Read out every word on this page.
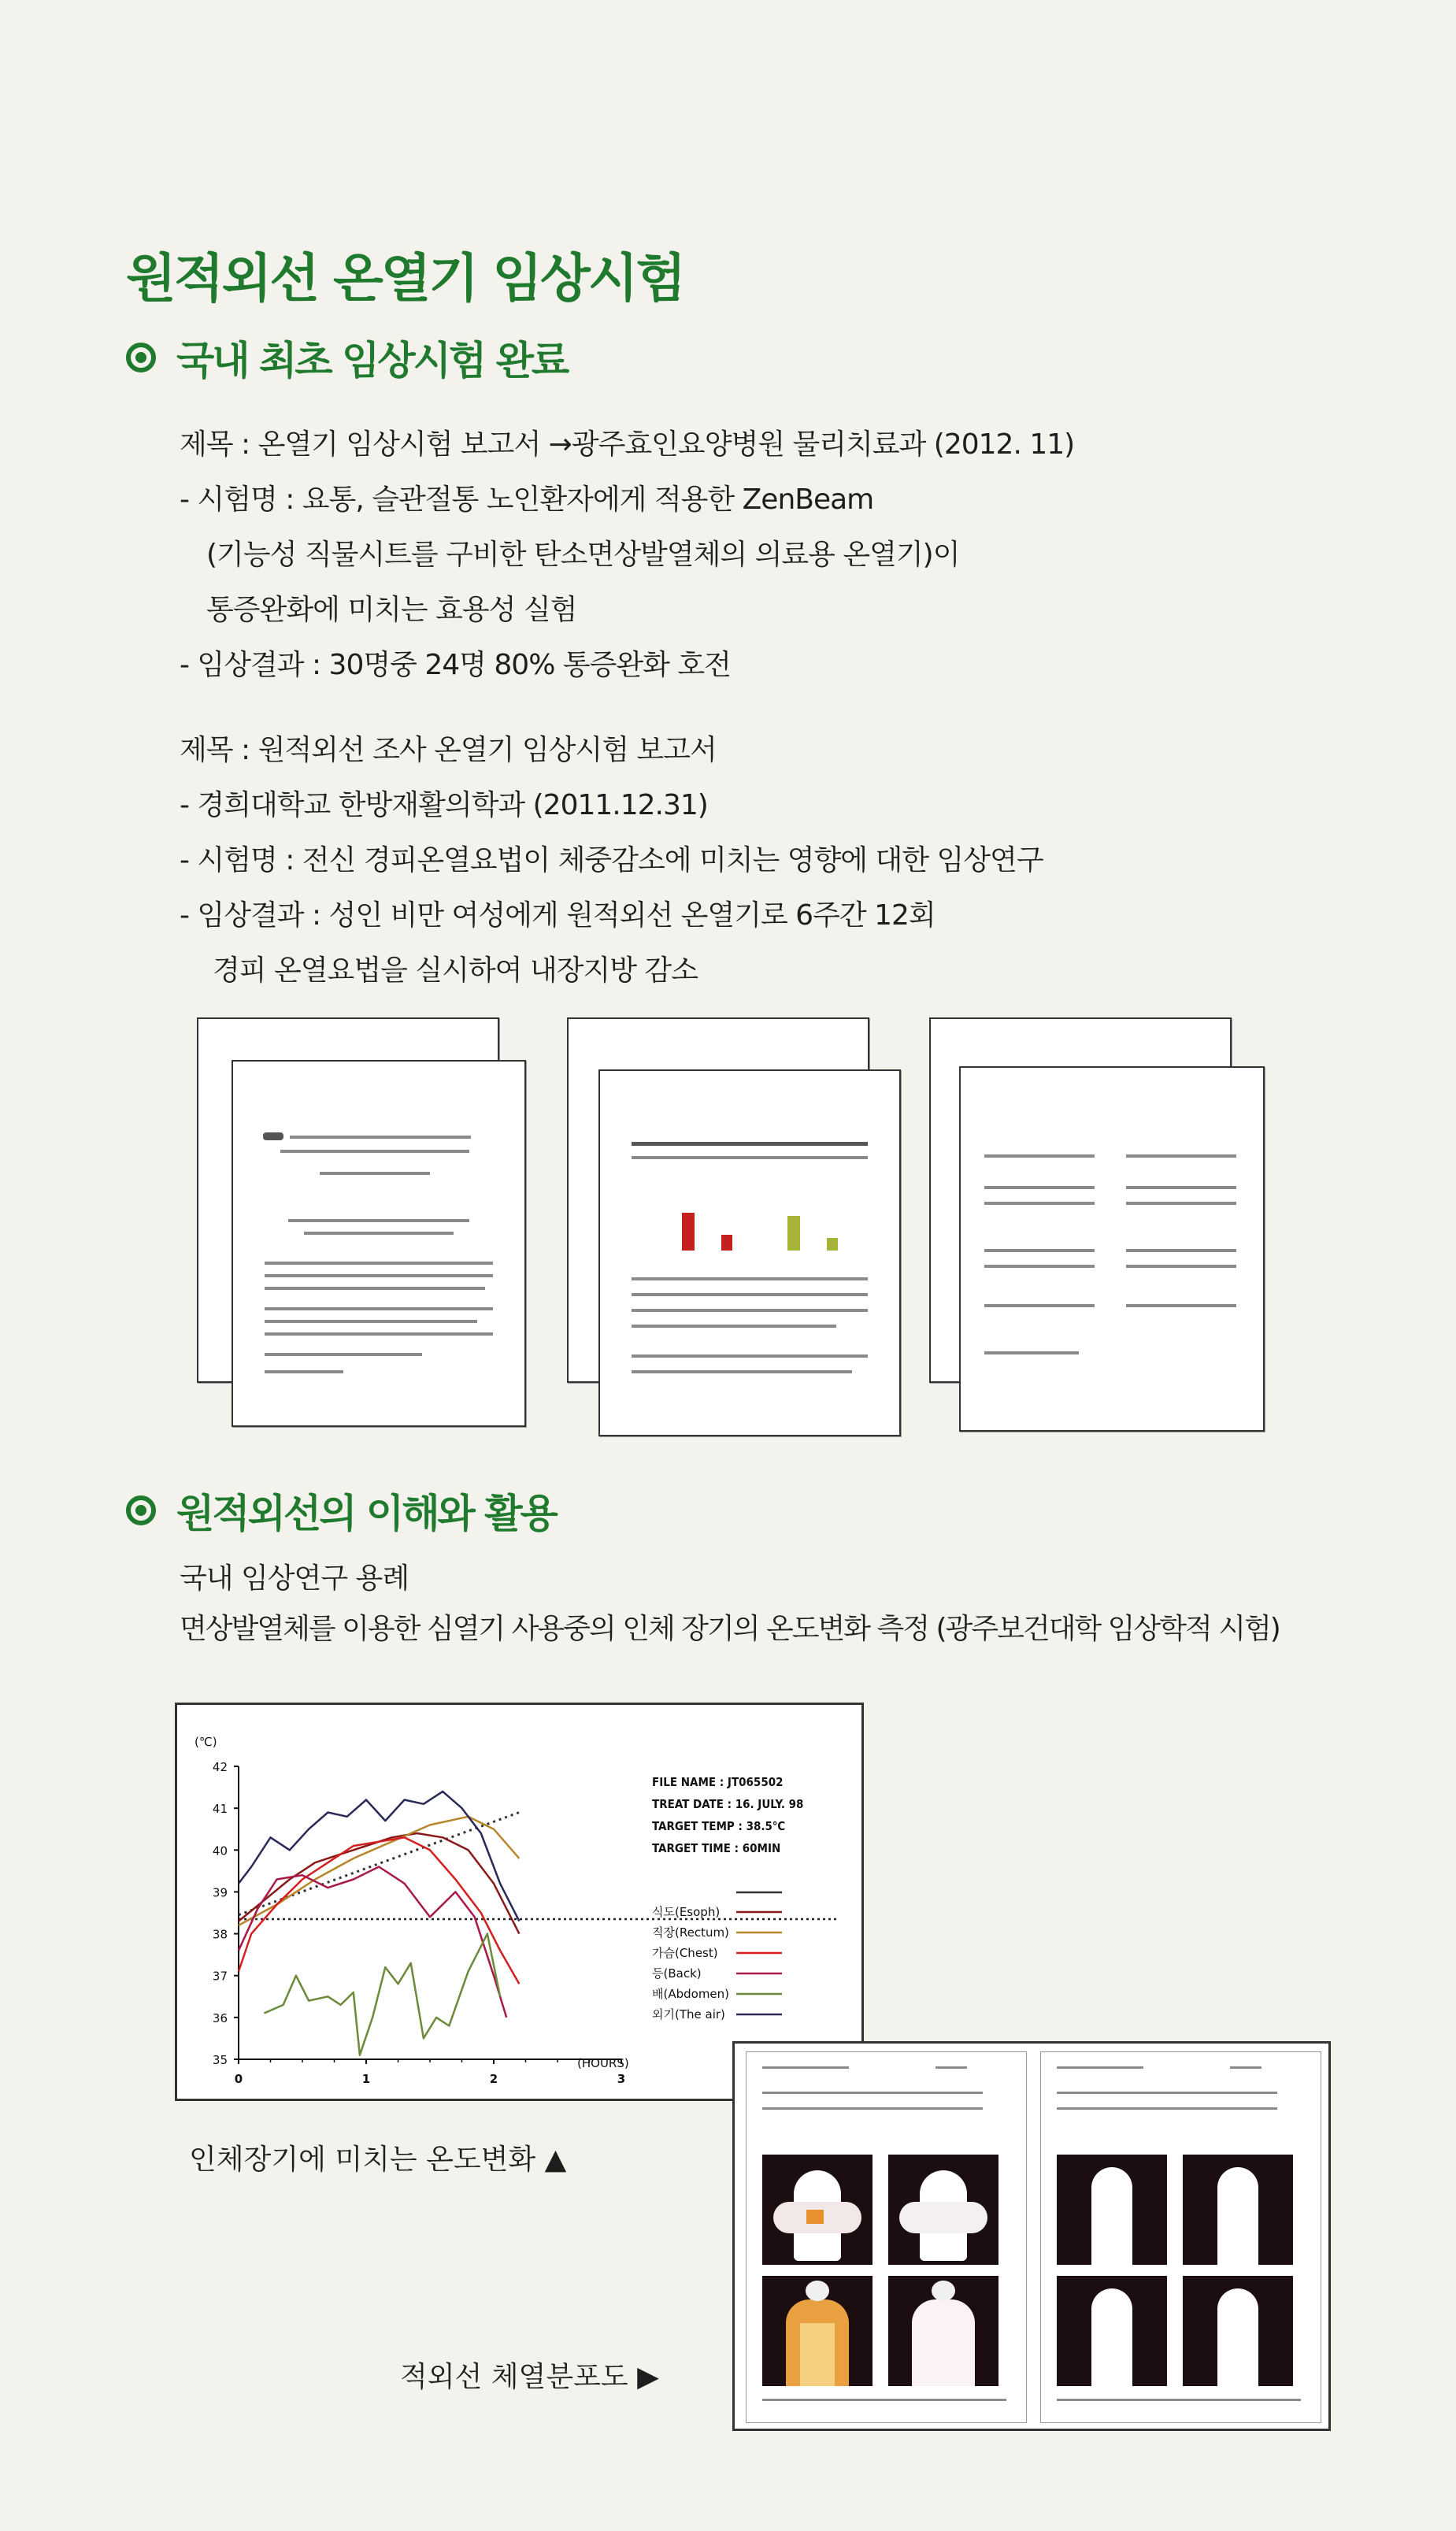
원적외선 온열기 임상시험
국내 최초 임상시험 완료
제목 : 온열기 임상시험 보고서 →광주효인요양병원 물리치료과 (2012. 11)
- 시험명 : 요통, 슬관절통 노인환자에게 적용한 ZenBeam
(기능성 직물시트를 구비한 탄소면상발열체의 의료용 온열기)이
통증완화에 미치는 효용성 실험
- 임상결과 : 30명중 24명 80% 통증완화 호전
제목 : 원적외선 조사 온열기 임상시험 보고서
- 경희대학교 한방재활의학과 (2011.12.31)
- 시험명 : 전신 경피온열요법이 체중감소에 미치는 영향에 대한 임상연구
- 임상결과 : 성인 비만 여성에게 원적외선 온열기로 6주간 12회
경피 온열요법을 실시하여 내장지방 감소
원적외선의 이해와 활용
국내 임상연구 용례
면상발열체를 이용한 심열기 사용중의 인체 장기의 온도변화 측정 (광주보건대학 임상학적 시험)
35
36
37
38
39
40
41
42
0	1	2	3
(℃)
(HOURS)
FILE NAME : JT065502
TREAT DATE : 16. JULY. 98
TARGET TEMP : 38.5℃
TARGET TIME : 60MIN
식도(Esoph)
직장(Rectum)
가슴(Chest)
등(Back)
배(Abdomen)
외기(The air)
인체장기에 미치는 온도변화 ▲
적외선 체열분포도 ▶
